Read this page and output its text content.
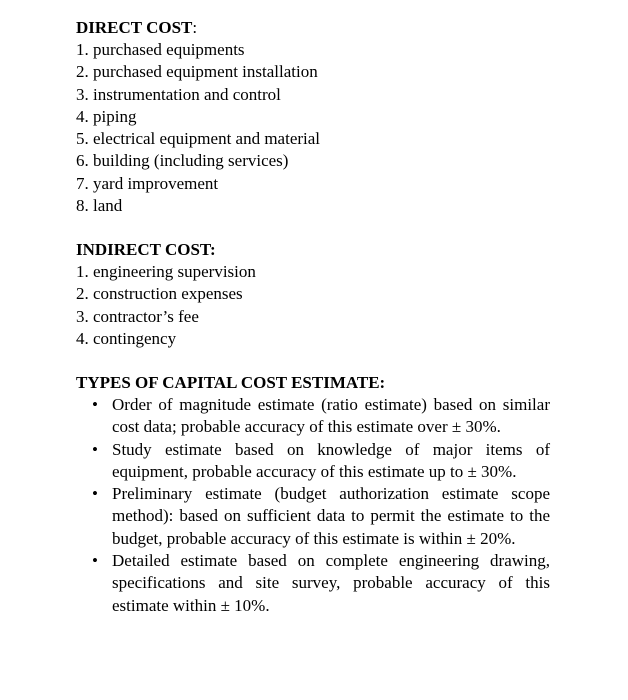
DIRECT COST:

1. purchased equipments
2. purchased equipment installation
3. instrumentation and control
4. piping
5. electrical equipment and material
6. building (including services)
7. yard improvement
8. land

INDIRECT COST:

1. engineering supervision
2. construction expenses
3. contractor’s fee
4. contingency

TYPES OF CAPITAL COST ESTIMATE:

• Order of magnitude estimate (ratio estimate) based on similar cost data; probable accuracy of this estimate over ± 30%.
• Study estimate based on knowledge of major items of equipment, probable accuracy of this estimate up to ± 30%.
• Preliminary estimate (budget authorization estimate scope method): based on sufficient data to permit the estimate to the budget, probable accuracy of this estimate is within ± 20%.
• Detailed estimate based on complete engineering drawing, specifications and site survey, probable accuracy of this estimate within ± 10%.
